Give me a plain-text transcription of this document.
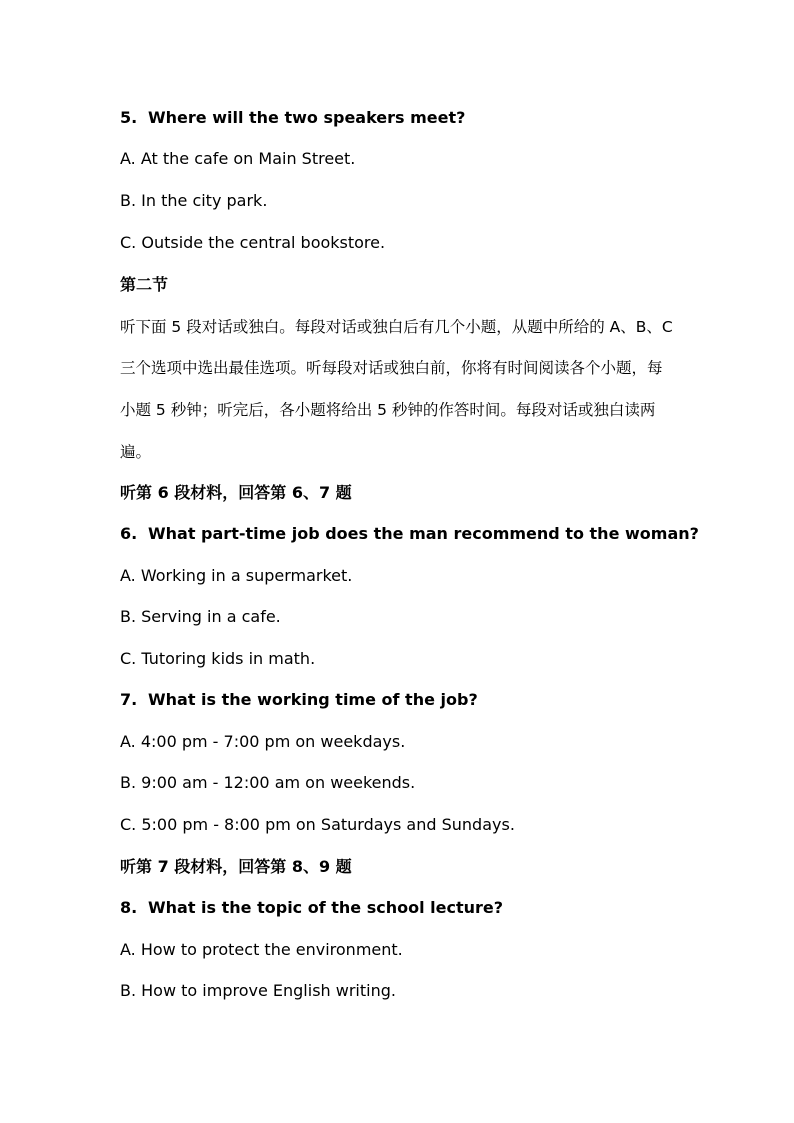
5. Where will the two speakers meet?
A. At the cafe on Main Street.
B. In the city park.
C. Outside the central bookstore.
第二节
听下面 5 段对话或独白。每段对话或独白后有几个小题，从题中所给的 A、B、C
三个选项中选出最佳选项。听每段对话或独白前，你将有时间阅读各个小题，每
小题 5 秒钟；听完后，各小题将给出 5 秒钟的作答时间。每段对话或独白读两
遍。
听第 6 段材料，回答第 6、7 题
6. What part-time job does the man recommend to the woman?
A. Working in a supermarket.
B. Serving in a cafe.
C. Tutoring kids in math.
7. What is the working time of the job?
A. 4:00 pm - 7:00 pm on weekdays.
B. 9:00 am - 12:00 am on weekends.
C. 5:00 pm - 8:00 pm on Saturdays and Sundays.
听第 7 段材料，回答第 8、9 题
8. What is the topic of the school lecture?
A. How to protect the environment.
B. How to improve English writing.
